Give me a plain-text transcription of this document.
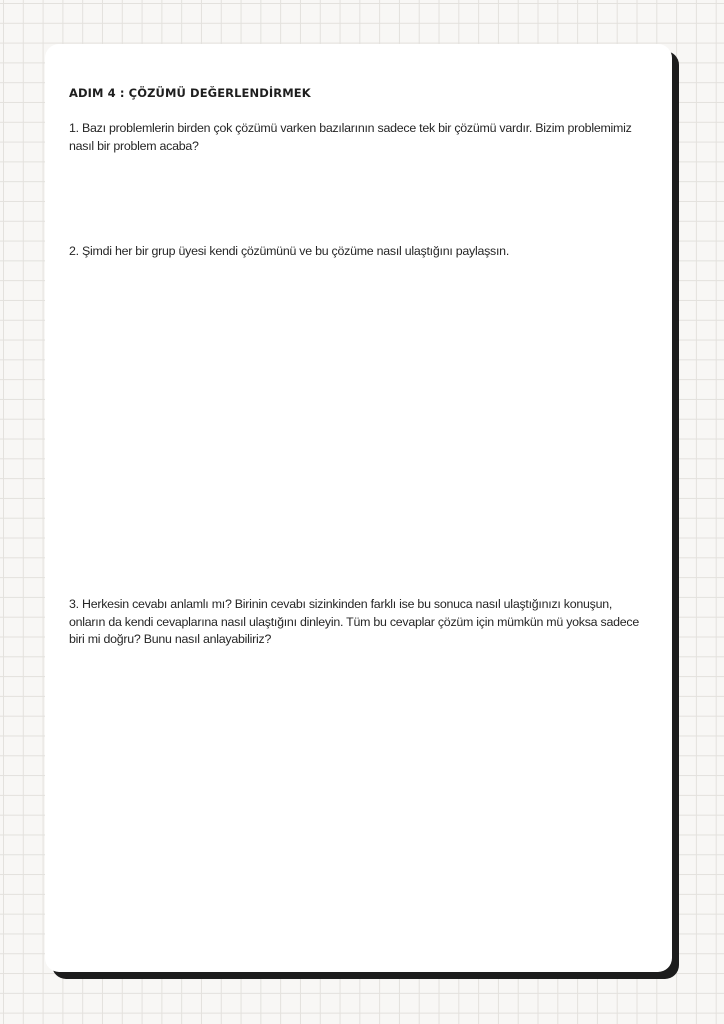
ADIM 4 : ÇÖZÜMÜ DEĞERLENDİRMEK

1. Bazı problemlerin birden çok çözümü varken bazılarının sadece tek bir çözümü vardır. Bizim problemimiz nasıl bir problem acaba?

2. Şimdi her bir grup üyesi kendi çözümünü ve bu çözüme nasıl ulaştığını paylaşsın.

3. Herkesin cevabı anlamlı mı? Birinin cevabı sizinkinden farklı ise bu sonuca nasıl ulaştığınızı konuşun, onların da kendi cevaplarına nasıl ulaştığını dinleyin. Tüm bu cevaplar çözüm için mümkün mü yoksa sadece biri mi doğru? Bunu nasıl anlayabiliriz?
